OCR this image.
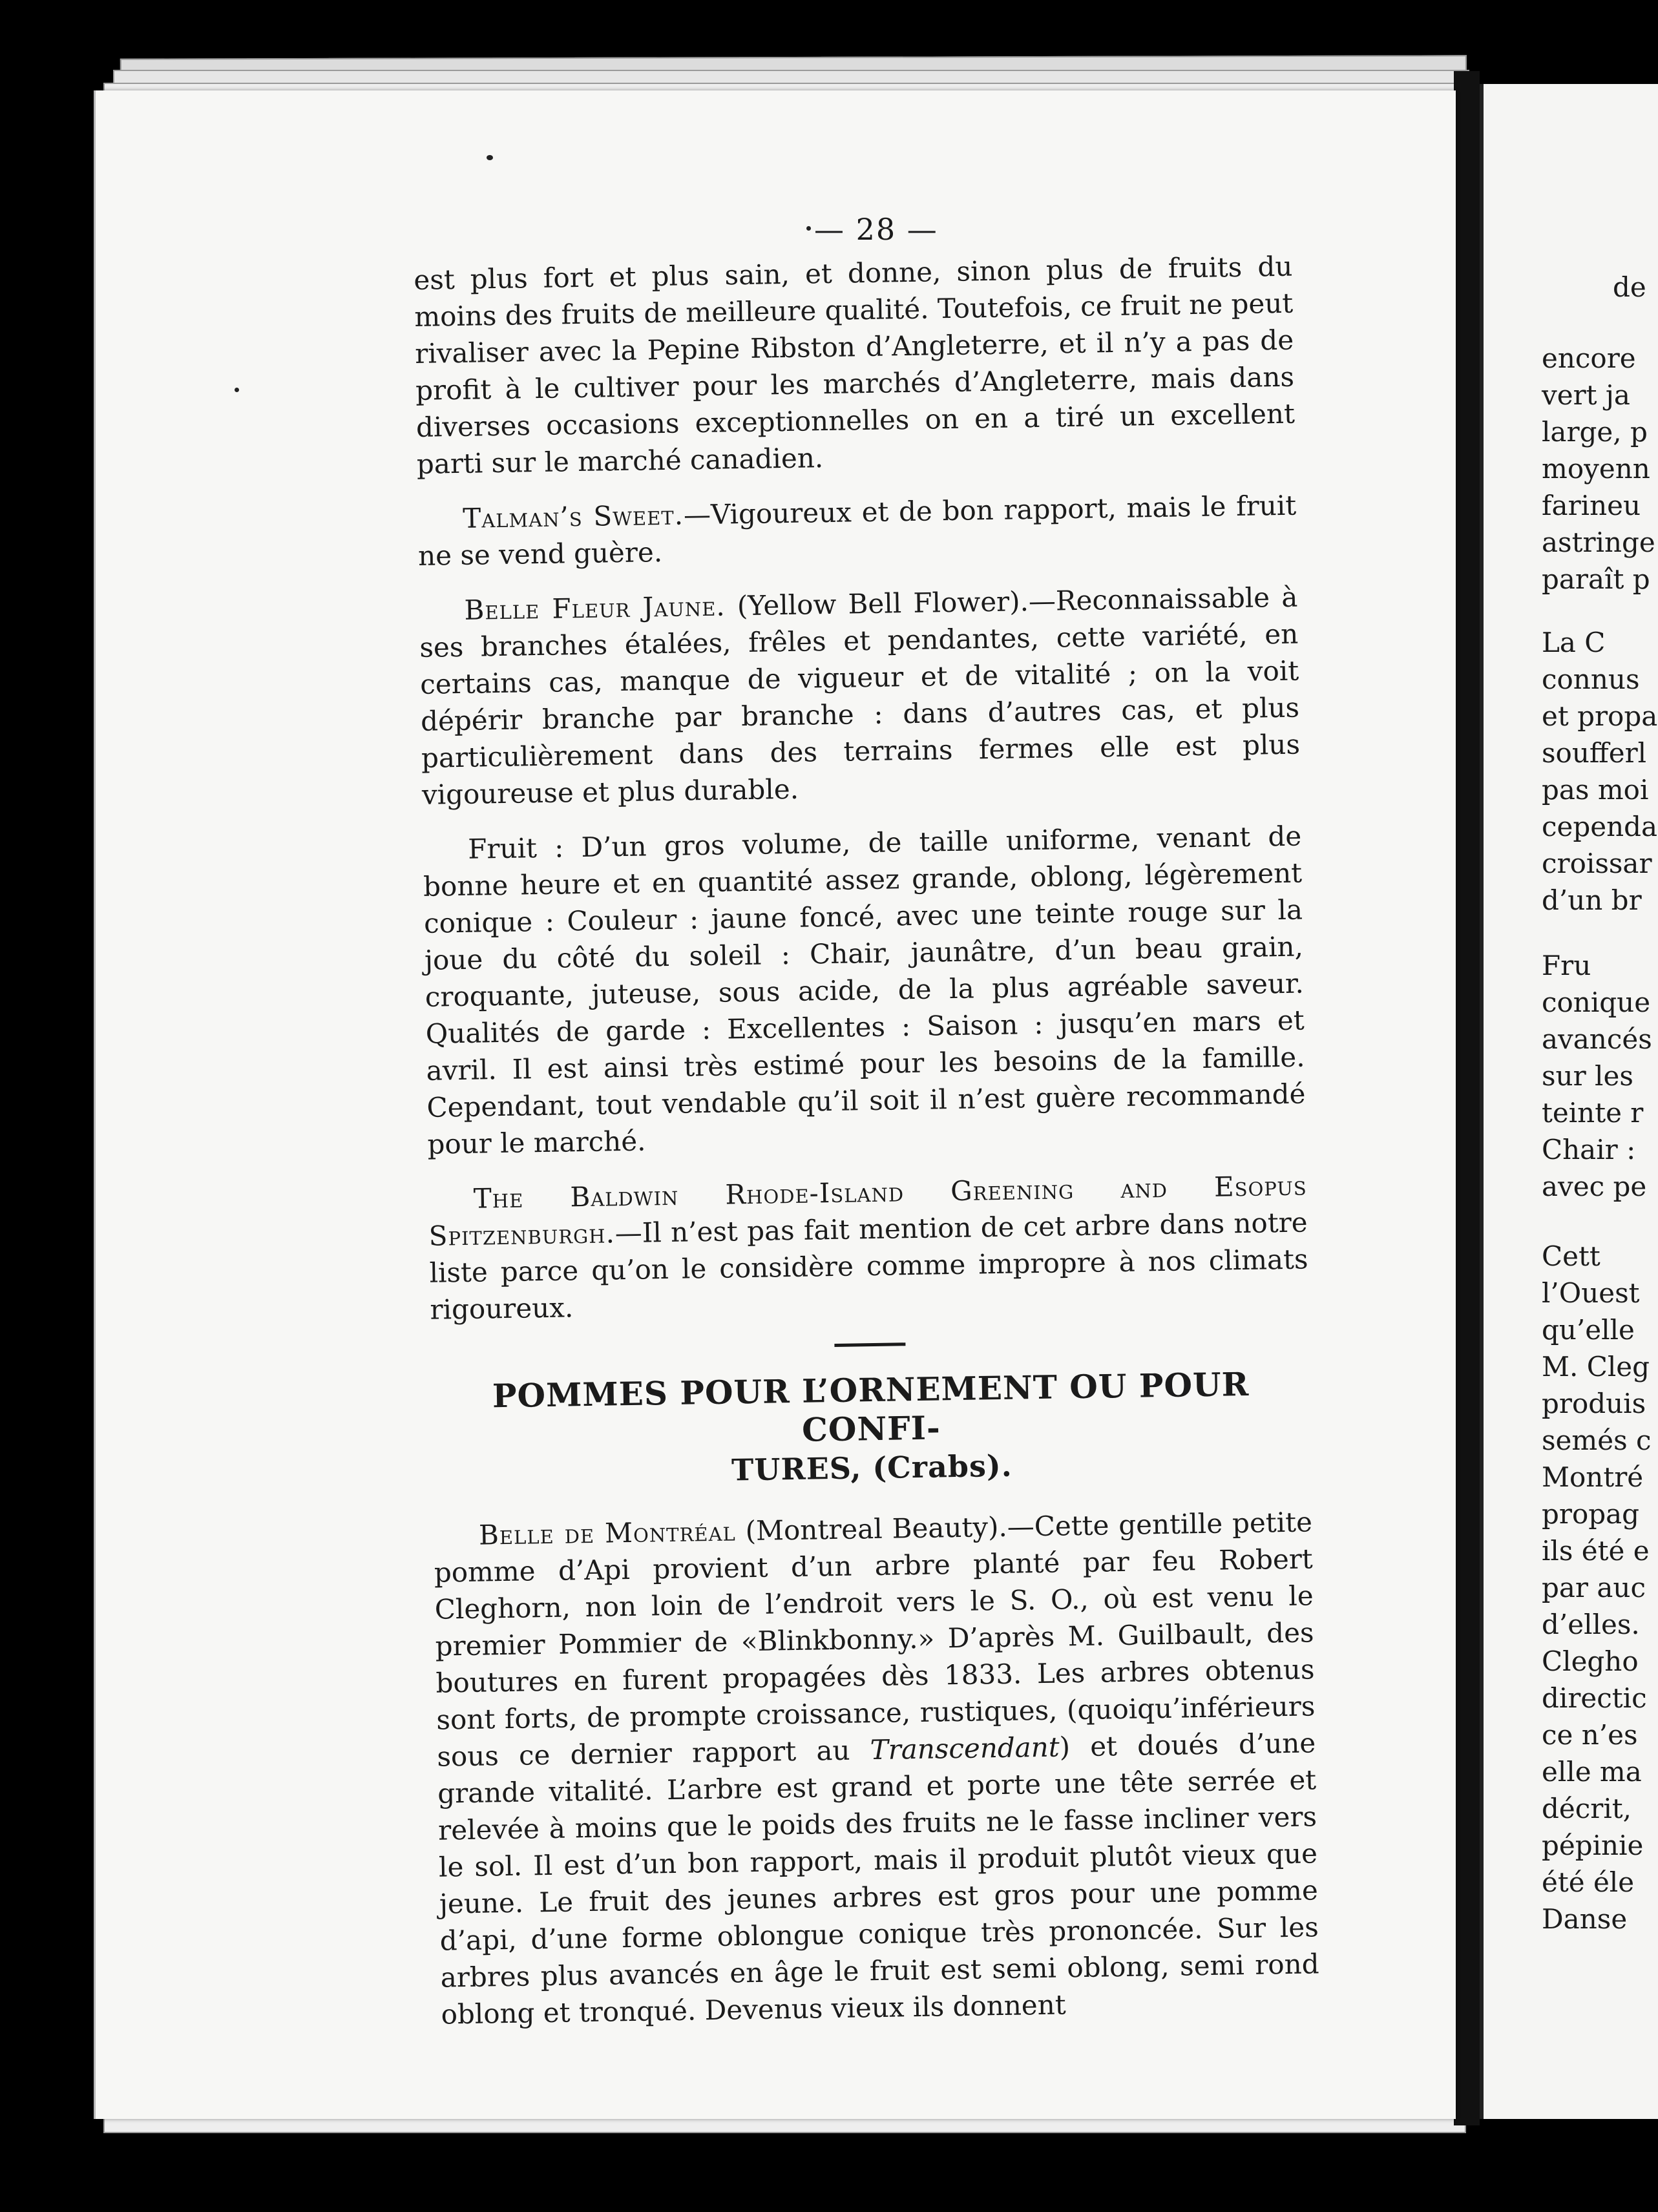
— 28 —

est plus fort et plus sain, et donne, sinon plus de fruits du moins des fruits de meilleure qualité. Toutefois, ce fruit ne peut rivaliser avec la Pepine Ribston d’Angleterre, et il n’y a pas de profit à le cultiver pour les marchés d’Angleterre, mais dans diverses occasions exceptionnelles on en a tiré un excellent parti sur le marché canadien.

Talman’s Sweet.—Vigoureux et de bon rapport, mais le fruit ne se vend guère.

Belle Fleur Jaune. (Yellow Bell Flower).—Reconnaissable à ses branches étalées, frêles et pendantes, cette variété, en certains cas, manque de vigueur et de vitalité ; on la voit dépérir branche par branche : dans d’autres cas, et plus particulièrement dans des terrains fermes elle est plus vigoureuse et plus durable.

Fruit : D’un gros volume, de taille uniforme, venant de bonne heure et en quantité assez grande, oblong, légèrement conique : Couleur : jaune foncé, avec une teinte rouge sur la joue du côté du soleil : Chair, jaunâtre, d’un beau grain, croquante, juteuse, sous acide, de la plus agréable saveur. Qualités de garde : Excellentes : Saison : jusqu’en mars et avril. Il est ainsi très estimé pour les besoins de la famille. Cependant, tout vendable qu’il soit il n’est guère recommandé pour le marché.

The Baldwin Rhode-Island Greening and Esopus Spitzenburgh.—Il n’est pas fait mention de cet arbre dans notre liste parce qu’on le considère comme impropre à nos climats rigoureux.

POMMES POUR L’ORNEMENT OU POUR CONFI-
TURES, (Crabs).

Belle de Montréal (Montreal Beauty).—Cette gentille petite pomme d’Api provient d’un arbre planté par feu Robert Cleghorn, non loin de l’endroit vers le S. O., où est venu le premier Pommier de «Blinkbonny.» D’après M. Guilbault, des boutures en furent propagées dès 1833. Les arbres obtenus sont forts, de prompte croissance, rustiques, (quoiqu’inférieurs sous ce dernier rapport au Transcendant) et doués d’une grande vitalité. L’arbre est grand et porte une tête serrée et relevée à moins que le poids des fruits ne le fasse incliner vers le sol. Il est d’un bon rapport, mais il produit plutôt vieux que jeune. Le fruit des jeunes arbres est gros pour une pomme d’api, d’une forme oblongue conique très prononcée. Sur les arbres plus avancés en âge le fruit est semi oblong, semi rond oblong et tronqué. Devenus vieux ils donnent

de
encore
vert ja
large, p
moyenn
farineu
astringe
paraît p
La C
connus
et propa
soufferl
pas moi
cependa
croissar
d’un br
Fru
conique
avancés
sur les
teinte r
Chair :
avec pe
Cett
l’Ouest
qu’elle
M. Cleg
produis
semés c
Montré
propag
ils été e
par auc
d’elles.
Clegho
directic
ce n’es
elle ma
décrit,
pépinie
été éle
Danse
